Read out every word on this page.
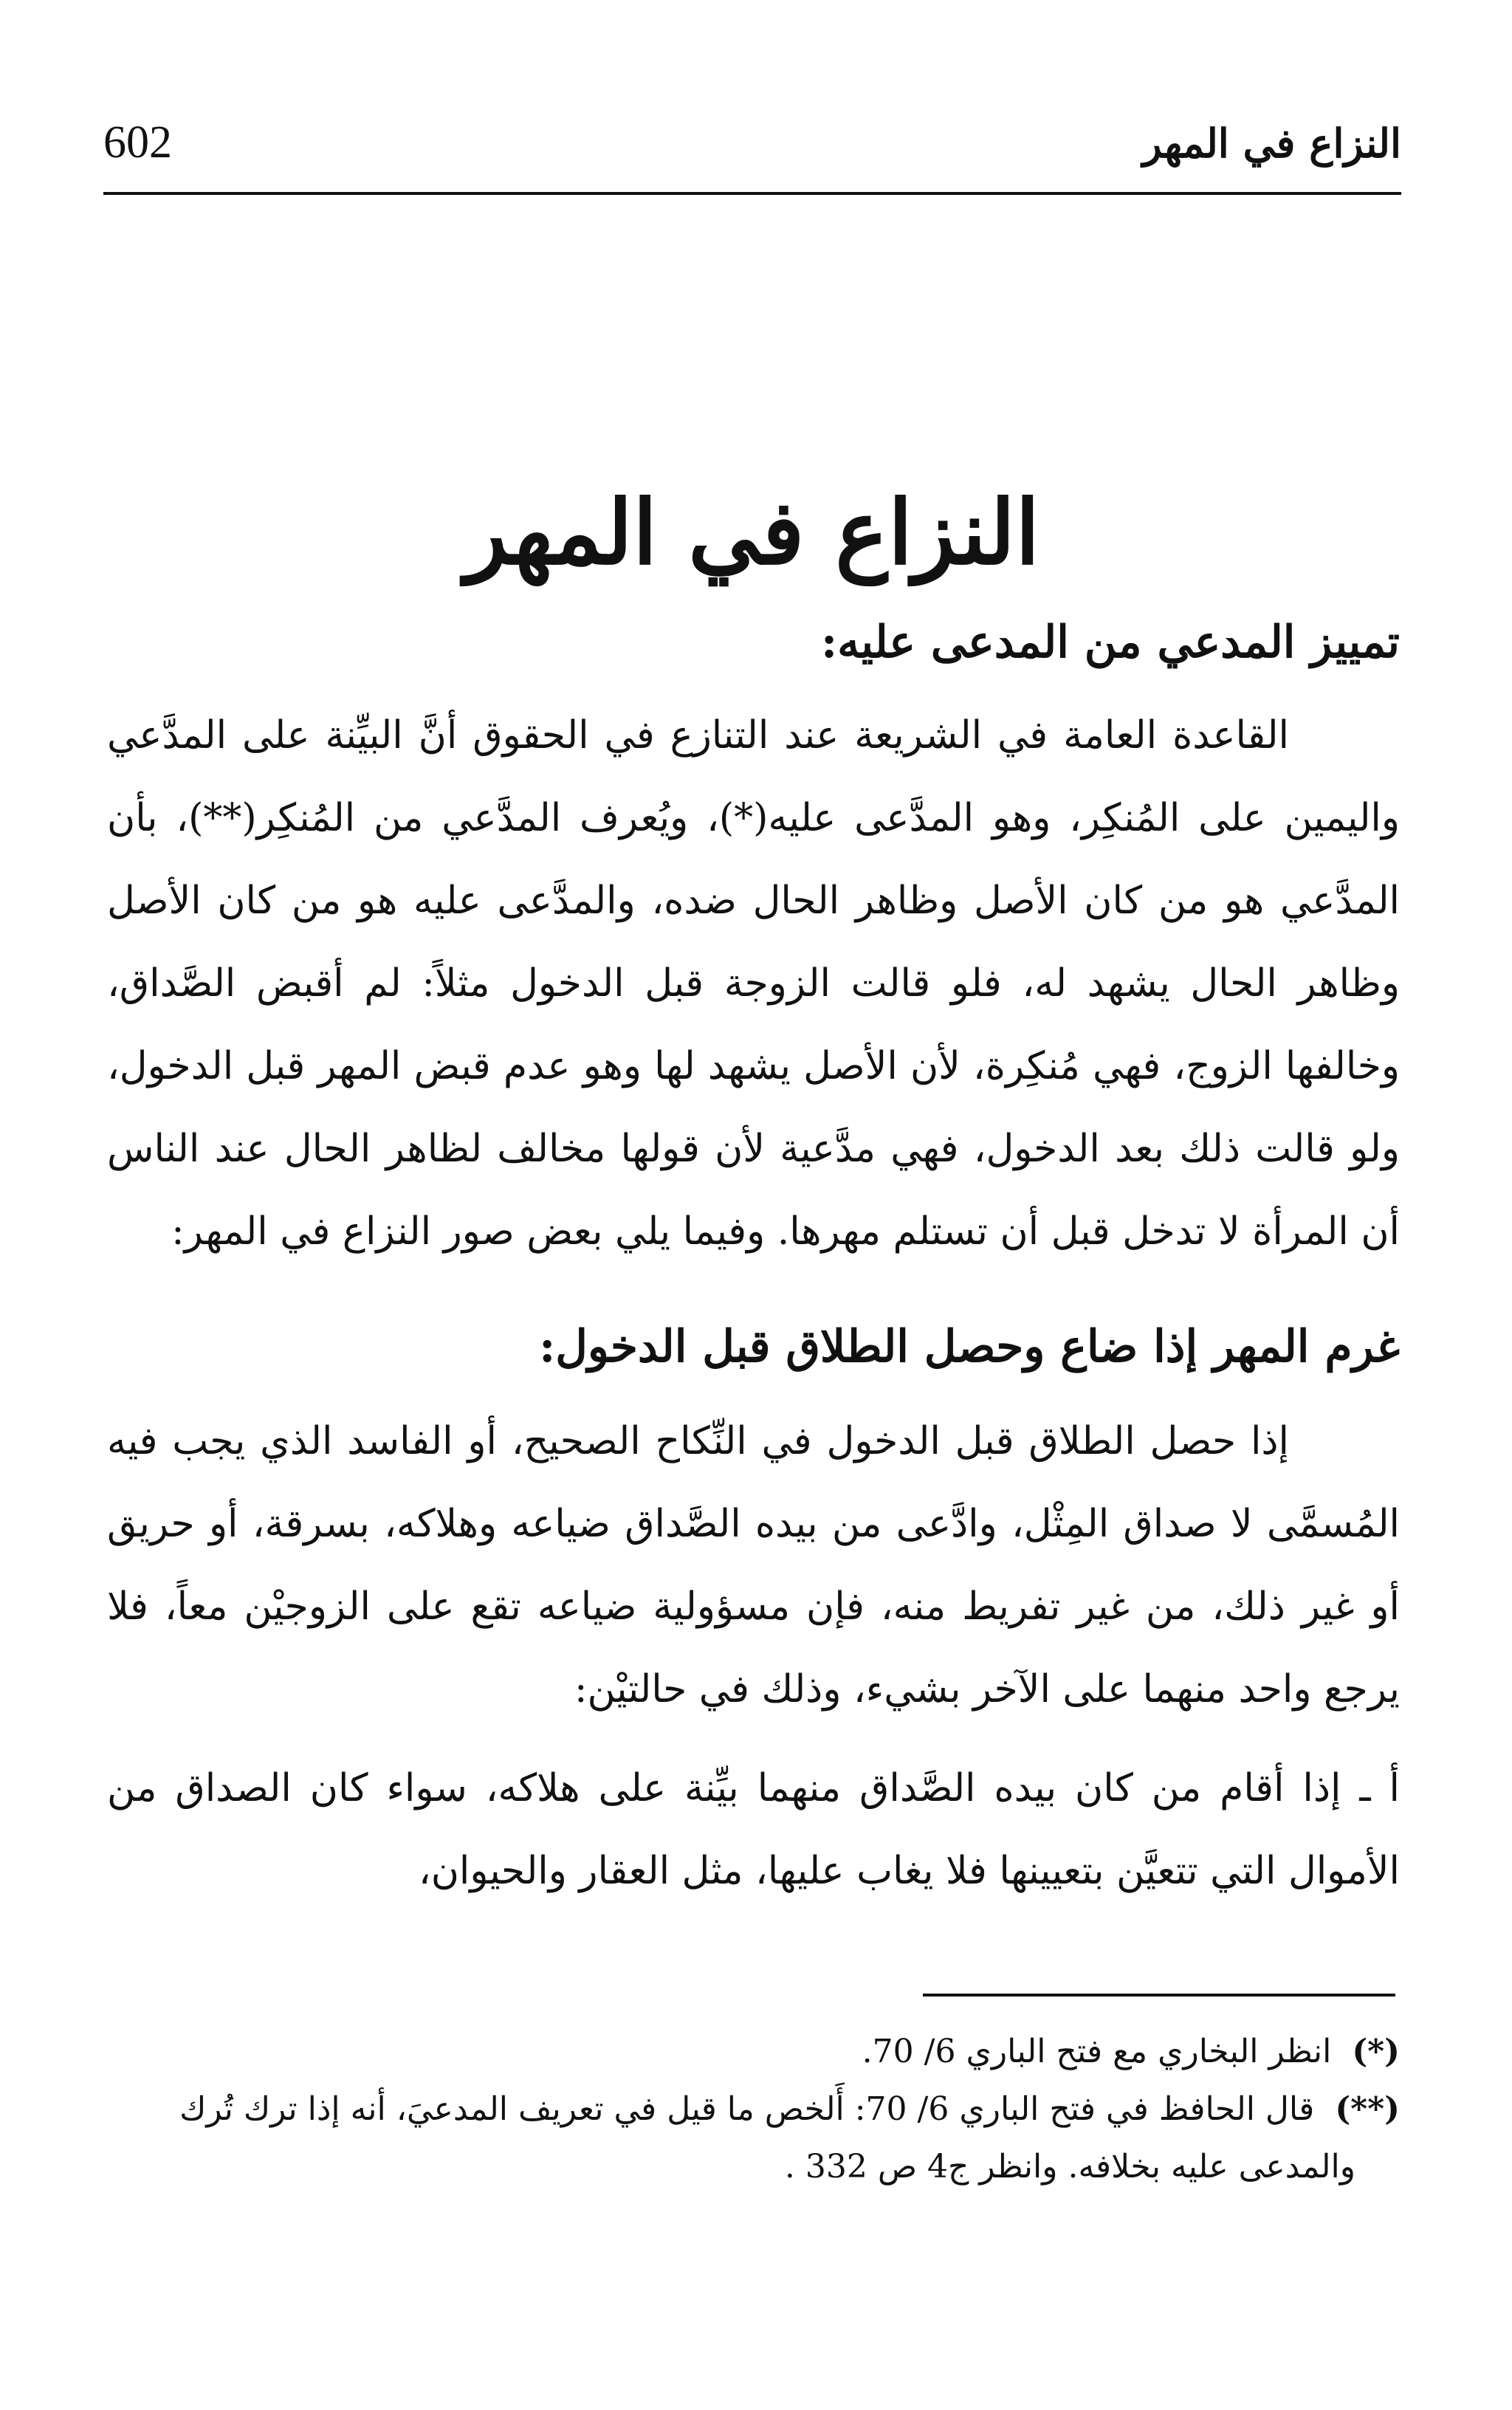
602	النزاع في المهر
النزاع في المهر
تمييز المدعي من المدعى عليه:

القاعدة العامة في الشريعة عند التنازع في الحقوق أنَّ البيِّنة على المدَّعي واليمين على المُنكِر، وهو المدَّعى عليه(*)، ويُعرف المدَّعي من المُنكِر(**)، بأن المدَّعي هو من كان الأصل وظاهر الحال ضده، والمدَّعى عليه هو من كان الأصل وظاهر الحال يشهد له، فلو قالت الزوجة قبل الدخول مثلاً: لم أقبض الصَّداق، وخالفها الزوج، فهي مُنكِرة، لأن الأصل يشهد لها وهو عدم قبض المهر قبل الدخول، ولو قالت ذلك بعد الدخول، فهي مدَّعية لأن قولها مخالف لظاهر الحال عند الناس أن المرأة لا تدخل قبل أن تستلم مهرها. وفيما يلي بعض صور النزاع في المهر:

غرم المهر إذا ضاع وحصل الطلاق قبل الدخول:

إذا حصل الطلاق قبل الدخول في النِّكاح الصحيح، أو الفاسد الذي يجب فيه المُسمَّى لا صداق المِثْل، وادَّعى من بيده الصَّداق ضياعه وهلاكه، بسرقة، أو حريق أو غير ذلك، من غير تفريط منه، فإن مسؤولية ضياعه تقع على الزوجيْن معاً، فلا يرجع واحد منهما على الآخر بشيء، وذلك في حالتيْن:

أ ـ إذا أقام من كان بيده الصَّداق منهما بيِّنة على هلاكه، سواء كان الصداق من الأموال التي تتعيَّن بتعيينها فلا يغاب عليها، مثل العقار والحيوان،

(*) انظر البخاري مع فتح الباري 6/ 70.

(**) قال الحافظ في فتح الباري 6/ 70: أَلخص ما قيل في تعريف المدعيَ، أنه إذا ترك تُرك

والمدعى عليه بخلافه. وانظر ج4 ص 332 .
